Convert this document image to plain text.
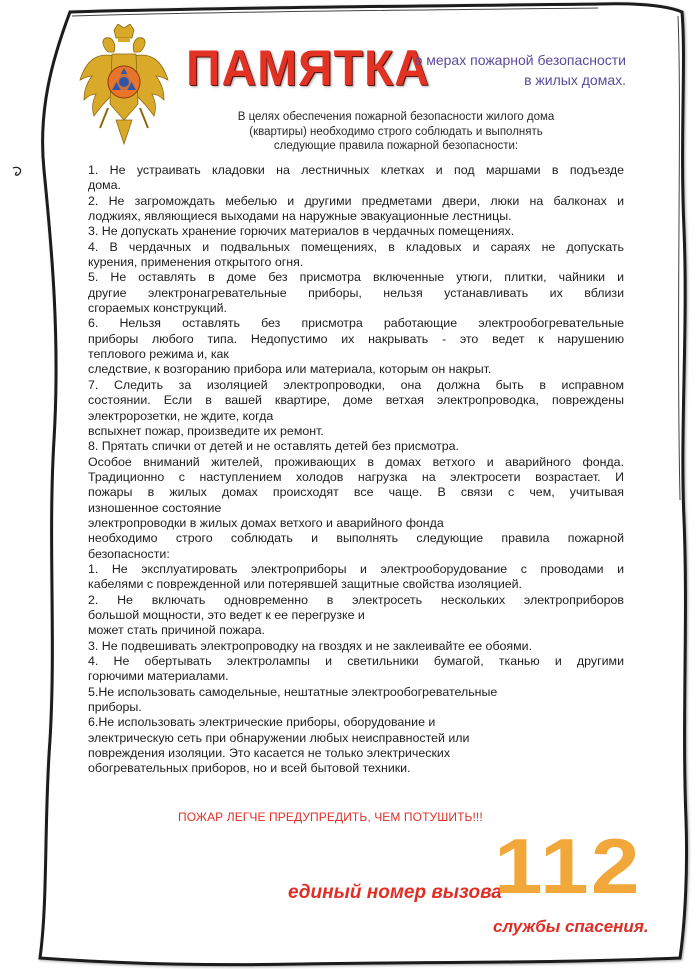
ПАМЯТКА
о мерах пожарной безопасности
в жилых домах.
В целях обеспечения пожарной безопасности жилого дома
(квартиры) необходимо строго соблюдать и выполнять
следующие правила пожарной безопасности:
1. Не устраивать кладовки на лестничных клетках и под маршами в подъезде
дома.
2. Не загромождать мебелью и другими предметами двери, люки на балконах и
лоджиях, являющиеся выходами на наружные эвакуационные лестницы.
3. Не допускать хранение горючих материалов в чердачных помещениях.
4. В чердачных и подвальных помещениях, в кладовых и сараях не допускать
курения, применения открытого огня.
5. Не оставлять в доме без присмотра включенные утюги, плитки, чайники и
другие электронагревательные приборы, нельзя устанавливать их вблизи
сгораемых конструкций.
6. Нельзя оставлять без присмотра работающие электрообогревательные
приборы любого типа. Недопустимо их накрывать - это ведет к нарушению
теплового режима и, как
следствие, к возгоранию прибора или материала, которым он накрыт.
7. Следить за изоляцией электропроводки, она должна быть в исправном
состоянии. Если в вашей квартире, доме ветхая электропроводка, повреждены
электророзетки, не ждите, когда
вспыхнет пожар, произведите их ремонт.
8. Прятать спички от детей и не оставлять детей без присмотра.
Особое вниманий жителей, проживающих в домах ветхого и аварийного фонда.
Традиционно с наступлением холодов нагрузка на электросети возрастает. И
пожары в жилых домах происходят все чаще. В связи с чем, учитывая
изношенное состояние
электропроводки в жилых домах ветхого и аварийного фонда
необходимо строго соблюдать и выполнять следующие правила пожарной
безопасности:
1. Не эксплуатировать электроприборы и электрооборудование с проводами и
кабелями с поврежденной или потерявшей защитные свойства изоляцией.
2. Не включать одновременно в электросеть нескольких электроприборов
большой мощности, это ведет к ее перегрузке и
может стать причиной пожара.
3. Не подвешивать электропроводку на гвоздях и не заклеивайте ее обоями.
4. Не обертывать электролампы и светильники бумагой, тканью и другими
горючими материалами.
5.Не использовать самодельные, нештатные электрообогревательные
приборы.
6.Не использовать электрические приборы, оборудование и
электрическую сеть при обнаружении любых неисправностей или
повреждения изоляции. Это касается не только электрических
обогревательных приборов, но и всей бытовой техники.
ПОЖАР ЛЕГЧЕ ПРЕДУПРЕДИТЬ, ЧЕМ ПОТУШИТЬ!!!
единый номер вызова
112
службы спасения.
